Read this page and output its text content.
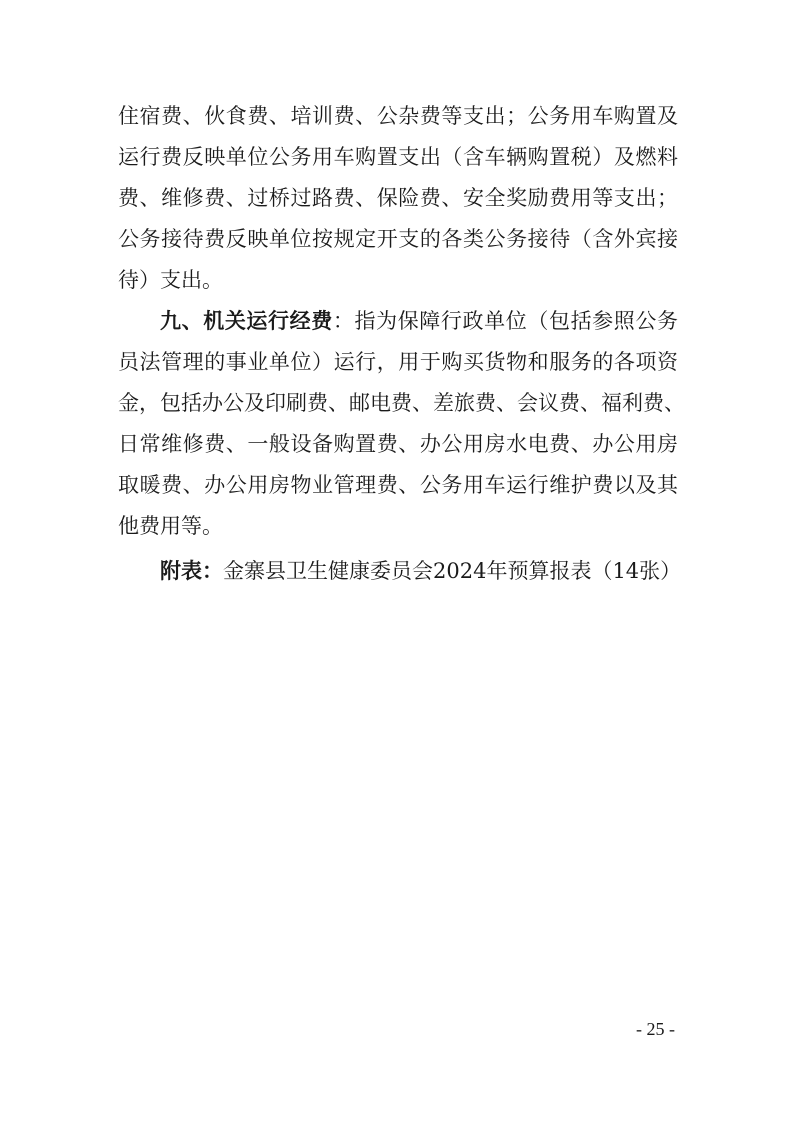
住宿费、伙食费、培训费、公杂费等支出；公务用车购置及
运行费反映单位公务用车购置支出（含车辆购置税）及燃料
费、维修费、过桥过路费、保险费、安全奖励费用等支出；
公务接待费反映单位按规定开支的各类公务接待（含外宾接
待）支出。
九、机关运行经费：指为保障行政单位（包括参照公务
员法管理的事业单位）运行，用于购买货物和服务的各项资
金，包括办公及印刷费、邮电费、差旅费、会议费、福利费、
日常维修费、一般设备购置费、办公用房水电费、办公用房
取暖费、办公用房物业管理费、公务用车运行维护费以及其
他费用等。
附表：金寨县卫生健康委员会2024年预算报表（14张）
- 25 -
